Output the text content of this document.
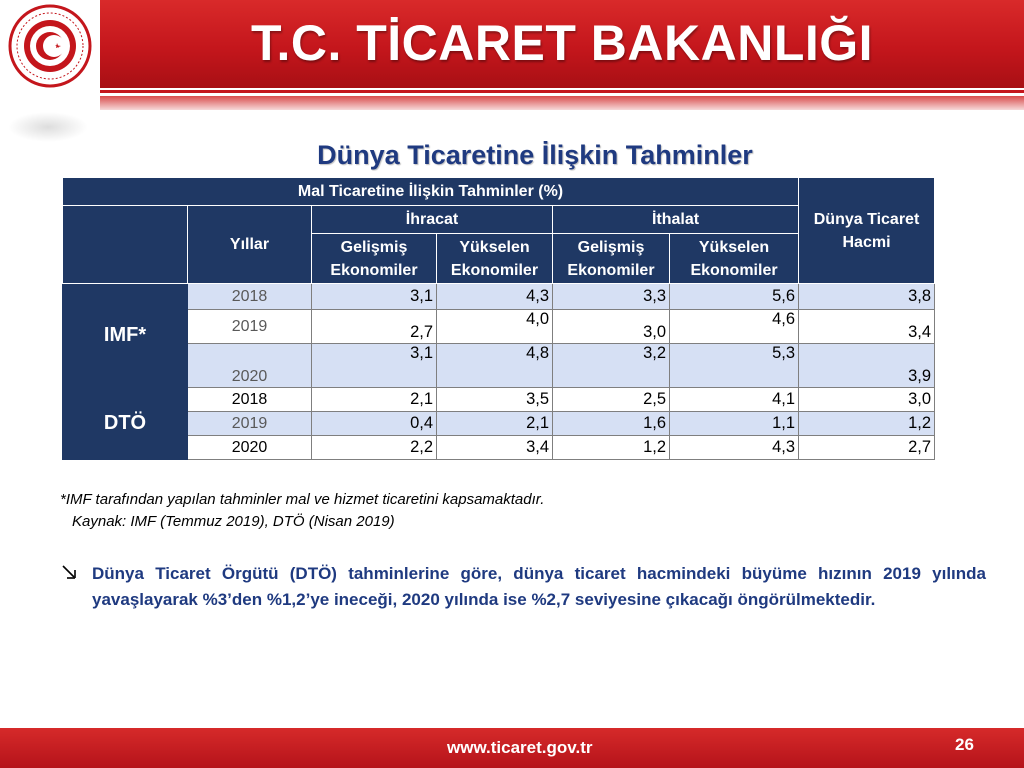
T.C. TİCARET BAKANLIĞI
Dünya Ticaretine İlişkin Tahminler
Mal Ticaretine İlişkin Tahminler (%)						Dünya Ticaret Hacmi
	Yıllar	İhracat		İthalat		
		Gelişmiş Ekonomiler	Yükselen Ekonomiler	Gelişmiş Ekonomiler	Yükselen Ekonomiler	
IMF*	2018	3,1	4,3	3,3	5,6	3,8
	2019	2,7	4,0	3,0	4,6	3,4
	2020	3,1	4,8	3,2	5,3	3,9
DTÖ	2018	2,1	3,5	2,5	4,1	3,0
	2019	0,4	2,1	1,6	1,1	1,2
	2020	2,2	3,4	1,2	4,3	2,7
*IMF tarafından yapılan tahminler mal ve hizmet ticaretini kapsamaktadır.
Kaynak: IMF (Temmuz 2019), DTÖ (Nisan 2019)
Dünya Ticaret Örgütü (DTÖ) tahminlerine göre, dünya ticaret hacmindeki büyüme hızının 2019 yılında yavaşlayarak %3’den %1,2’ye ineceği, 2020 yılında ise %2,7 seviyesine çıkacağı öngörülmektedir.
www.ticaret.gov.tr	26
